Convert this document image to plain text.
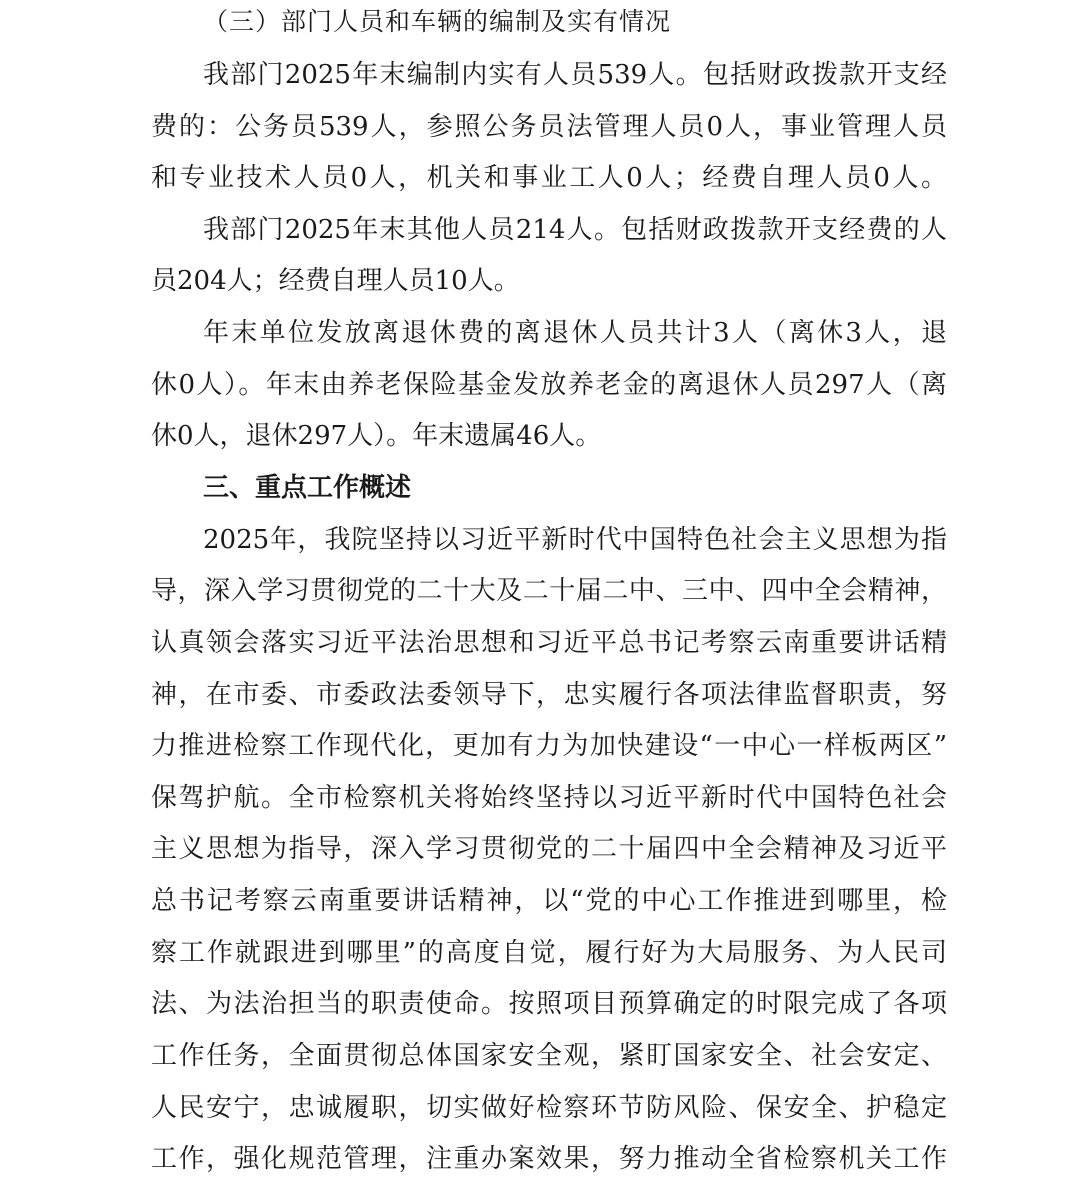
（三）部门人员和车辆的编制及实有情况
我部门2025年末编制内实有人员539人。包括财政拨款开支经
费的：公务员539人，参照公务员法管理人员0人，事业管理人员
和专业技术人员0人，机关和事业工人0人；经费自理人员0人。
我部门2025年末其他人员214人。包括财政拨款开支经费的人
员204人；经费自理人员10人。
年末单位发放离退休费的离退休人员共计3人（离休3人，退
休0人）。年末由养老保险基金发放养老金的离退休人员297人（离
休0人，退休297人）。年末遗属46人。
三、重点工作概述
2025年，我院坚持以习近平新时代中国特色社会主义思想为指
导，深入学习贯彻党的二十大及二十届二中、三中、四中全会精神，
认真领会落实习近平法治思想和习近平总书记考察云南重要讲话精
神，在市委、市委政法委领导下，忠实履行各项法律监督职责，努
力推进检察工作现代化，更加有力为加快建设“一中心一样板两区”
保驾护航。全市检察机关将始终坚持以习近平新时代中国特色社会
主义思想为指导，深入学习贯彻党的二十届四中全会精神及习近平
总书记考察云南重要讲话精神，以“党的中心工作推进到哪里，检
察工作就跟进到哪里”的高度自觉，履行好为大局服务、为人民司
法、为法治担当的职责使命。按照项目预算确定的时限完成了各项
工作任务，全面贯彻总体国家安全观，紧盯国家安全、社会安定、
人民安宁，忠诚履职，切实做好检察环节防风险、保安全、护稳定
工作，强化规范管理，注重办案效果，努力推动全省检察机关工作
